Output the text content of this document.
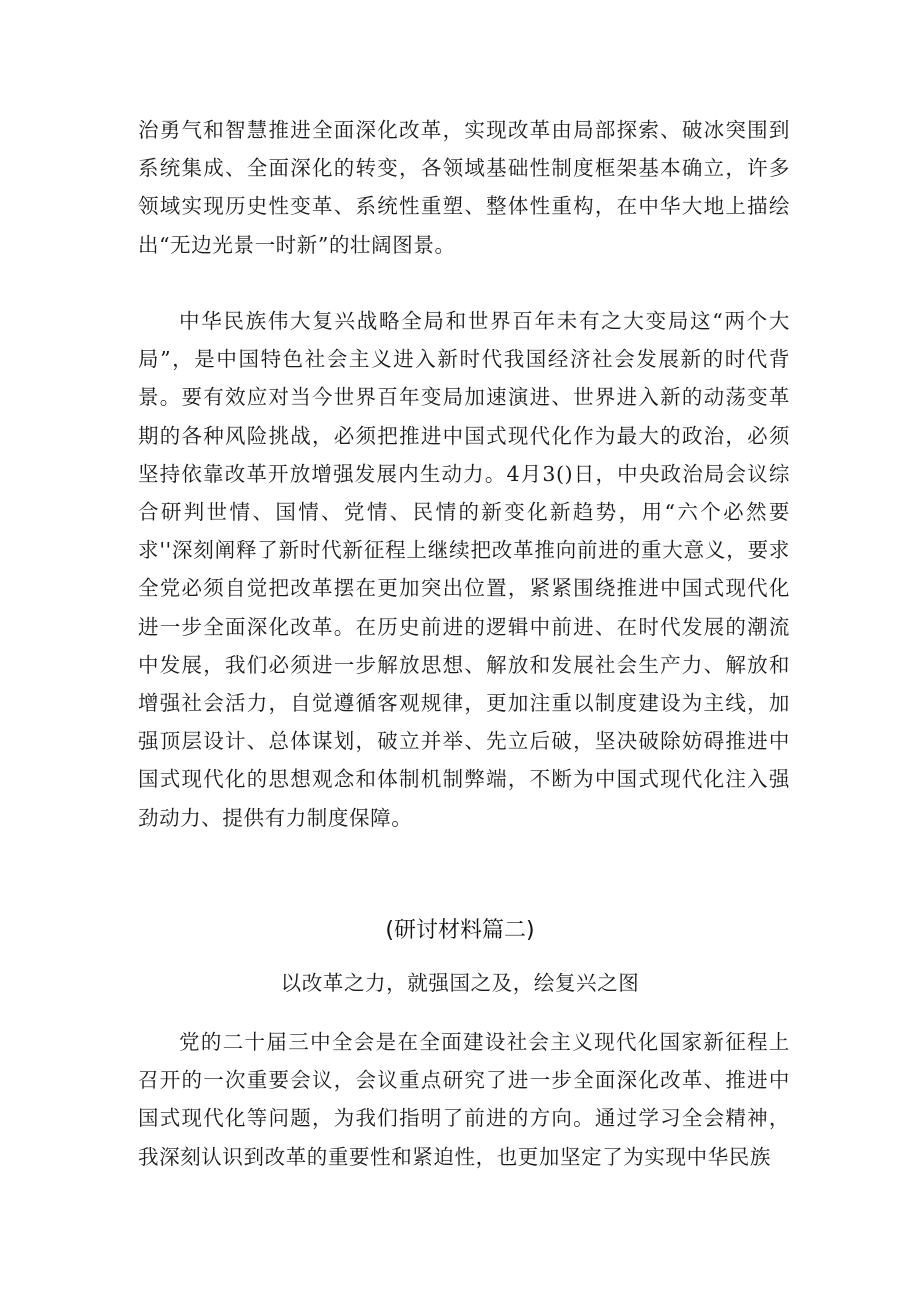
治勇气和智慧推进全面深化改革，实现改革由局部探索、破冰突围到系统集成、全面深化的转变，各领域基础性制度框架基本确立，许多领域实现历史性变革、系统性重塑、整体性重构，在中华大地上描绘出“无边光景一时新”的壮阔图景。

中华民族伟大复兴战略全局和世界百年未有之大变局这“两个大局”，是中国特色社会主义进入新时代我国经济社会发展新的时代背景。要有效应对当今世界百年变局加速演进、世界进入新的动荡变革期的各种风险挑战，必须把推进中国式现代化作为最大的政治，必须坚持依靠改革开放增强发展内生动力。4月3()日，中央政治局会议综合研判世情、国情、党情、民情的新变化新趋势，用“六个必然要求''深刻阐释了新时代新征程上继续把改革推向前进的重大意义，要求全党必须自觉把改革摆在更加突出位置，紧紧围绕推进中国式现代化进一步全面深化改革。在历史前进的逻辑中前进、在时代发展的潮流中发展，我们必须进一步解放思想、解放和发展社会生产力、解放和增强社会活力，自觉遵循客观规律，更加注重以制度建设为主线，加强顶层设计、总体谋划，破立并举、先立后破，坚决破除妨碍推进中国式现代化的思想观念和体制机制弊端，不断为中国式现代化注入强劲动力、提供有力制度保障。

(研讨材料篇二)

以改革之力，就强国之及，绘复兴之图

党的二十届三中全会是在全面建设社会主义现代化国家新征程上召开的一次重要会议，会议重点研究了进一步全面深化改革、推进中国式现代化等问题，为我们指明了前进的方向。通过学习全会精神，我深刻认识到改革的重要性和紧迫性，也更加坚定了为实现中华民族
